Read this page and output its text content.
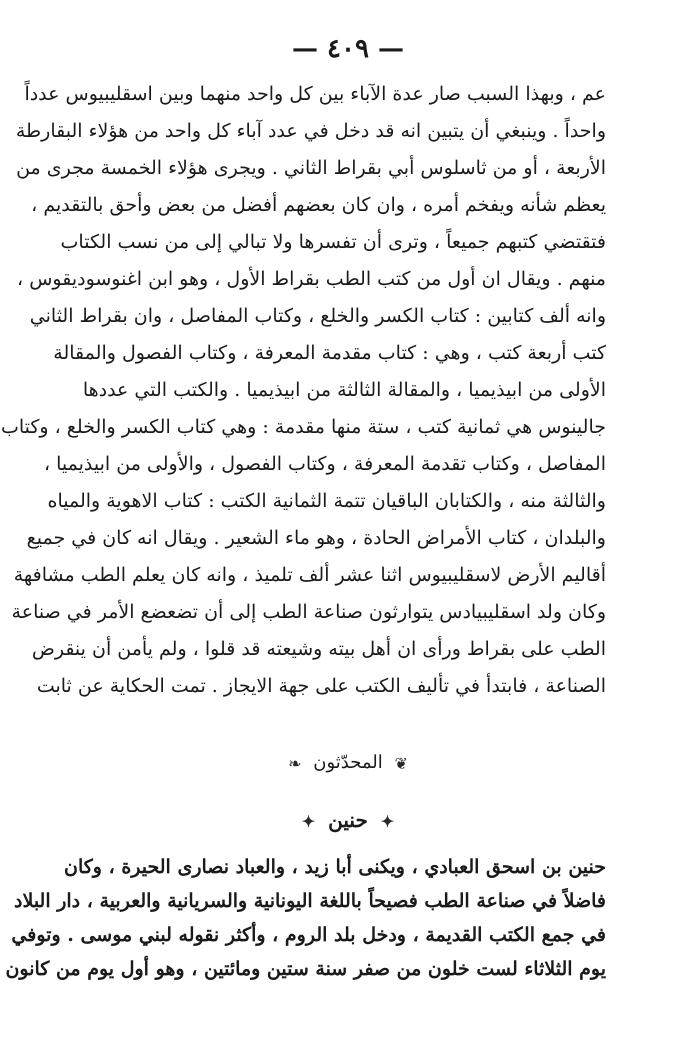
— ٤٠٩ —
عم ، وبهذا السبب صار عدة الآباء بين كل واحد منهما وبين اسقليبيوس عدداً
واحداً . وينبغي أن يتبين انه قد دخل في عدد آباء كل واحد من هؤلاء البقارطة
الأربعة ، أو من ثاسلوس أبي بقراط الثاني . ويجرى هؤلاء الخمسة مجرى من
يعظم شأنه ويفخم أمره ، وان كان بعضهم أفضل من بعض وأحق بالتقديم ،
فتقتضي كتبهم جميعاً ، وترى أن تفسرها ولا تبالي إلى من نسب الكتاب
منهم . ويقال ان أول من كتب الطب بقراط الأول ، وهو ابن اغنوسوديقوس ،
وانه ألف كتابين : كتاب الكسر والخلع ، وكتاب المفاصل ، وان بقراط الثاني
كتب أربعة كتب ، وهي : كتاب مقدمة المعرفة ، وكتاب الفصول والمقالة
الأولى من ابيذيميا ، والمقالة الثالثة من ابيذيميا . والكتب التي عددها
جالينوس هي ثمانية كتب ، ستة منها مقدمة : وهي كتاب الكسر والخلع ، وكتاب
المفاصل ، وكتاب تقدمة المعرفة ، وكتاب الفصول ، والأولى من ابيذيميا ،
والثالثة منه ، والكتابان الباقيان تتمة الثمانية الكتب : كتاب الاهوية والمياه
والبلدان ، كتاب الأمراض الحادة ، وهو ماء الشعير . ويقال انه كان في جميع
أقاليم الأرض لاسقليبيوس اثنا عشر ألف تلميذ ، وانه كان يعلم الطب مشافهة
وكان ولد اسقليبيادس يتوارثون صناعة الطب إلى أن تضعضع الأمر في صناعة
الطب على بقراط ورأى ان أهل بيته وشيعته قد قلوا ، ولم يأمن أن ينقرض
الصناعة ، فابتدأ في تأليف الكتب على جهة الايجاز . تمت الحكاية عن ثابت
❦ المحدّثون ❧
✦ حنين ✦
حنين بن اسحق العبادي ، ويكنى أبا زيد ، والعباد نصارى الحيرة ، وكان
فاضلاً في صناعة الطب فصيحاً باللغة اليونانية والسريانية والعربية ، دار البلاد
في جمع الكتب القديمة ، ودخل بلد الروم ، وأكثر نقوله لبني موسى . وتوفي
يوم الثلاثاء لست خلون من صفر سنة ستين ومائتين ، وهو أول يوم من كانون
